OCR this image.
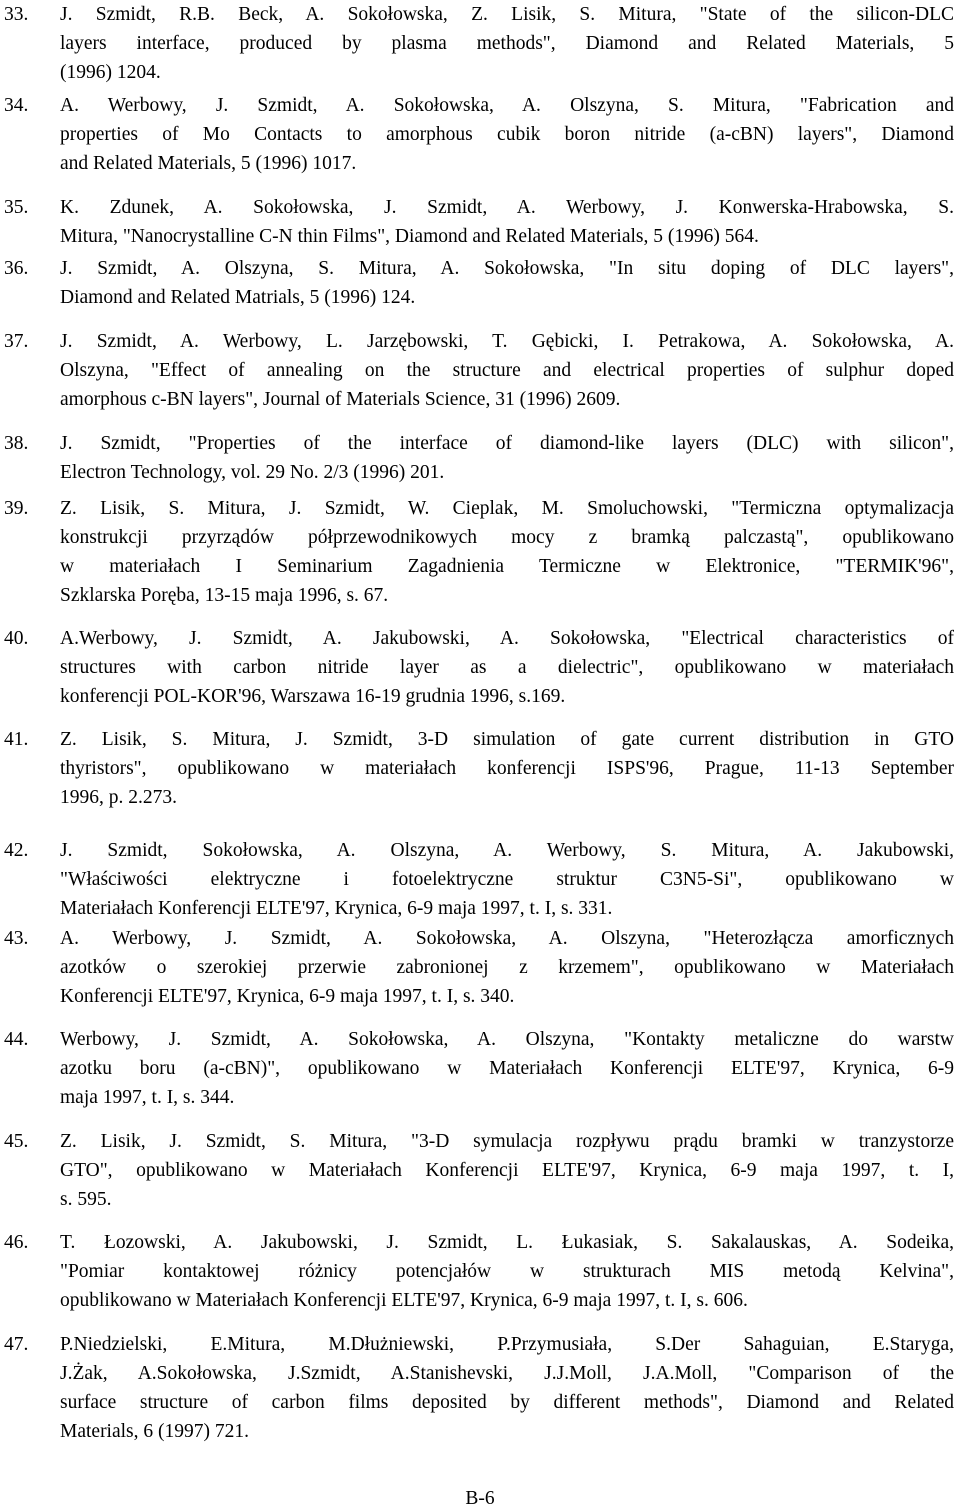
33. J. Szmidt, R.B. Beck, A. Sokołowska, Z. Lisik, S. Mitura, "State of the silicon-DLC
layers interface, produced by plasma methods", Diamond and Related Materials, 5
(1996) 1204.
34. A. Werbowy, J. Szmidt, A. Sokołowska, A. Olszyna, S. Mitura, "Fabrication and
properties of Mo Contacts to amorphous cubik boron nitride (a-cBN) layers", Diamond
and Related Materials, 5 (1996) 1017.
35. K. Zdunek, A. Sokołowska, J. Szmidt, A. Werbowy, J. Konwerska-Hrabowska, S.
Mitura, "Nanocrystalline C-N thin Films", Diamond and Related Materials, 5 (1996) 564.
36. J. Szmidt, A. Olszyna, S. Mitura, A. Sokołowska, "In situ doping of DLC layers",
Diamond and Related Matrials, 5 (1996) 124.
37. J. Szmidt, A. Werbowy, L. Jarzębowski, T. Gębicki, I. Petrakowa, A. Sokołowska, A.
Olszyna, "Effect of annealing on the structure and electrical properties of sulphur doped
amorphous c-BN layers", Journal of Materials Science, 31 (1996) 2609.
38. J. Szmidt, "Properties of the interface of diamond-like layers (DLC) with silicon",
Electron Technology, vol. 29 No. 2/3 (1996) 201.
39. Z. Lisik, S. Mitura, J. Szmidt, W. Cieplak, M. Smoluchowski, "Termiczna optymalizacja
konstrukcji przyrządów półprzewodnikowych mocy z bramką palczastą", opublikowano
w materiałach I Seminarium Zagadnienia Termiczne w Elektronice, "TERMIK'96",
Szklarska Poręba, 13-15 maja 1996, s. 67.
40. A.Werbowy, J. Szmidt, A. Jakubowski, A. Sokołowska, "Electrical characteristics of
structures with carbon nitride layer as a dielectric", opublikowano w materiałach
konferencji POL-KOR'96, Warszawa 16-19 grudnia 1996, s.169.
41. Z. Lisik, S. Mitura, J. Szmidt, 3-D simulation of gate current distribution in GTO
thyristors", opublikowano w materiałach konferencji ISPS'96, Prague, 11-13 September
1996, p. 2.273.
42. J. Szmidt, Sokołowska, A. Olszyna, A. Werbowy, S. Mitura, A. Jakubowski,
"Właściwości elektryczne i fotoelektryczne struktur C3N5-Si", opublikowano w
Materiałach Konferencji ELTE'97, Krynica, 6-9 maja 1997, t. I, s. 331.
43. A. Werbowy, J. Szmidt, A. Sokołowska, A. Olszyna, "Heterozłącza amorficznych
azotków o szerokiej przerwie zabronionej z krzemem", opublikowano w Materiałach
Konferencji ELTE'97, Krynica, 6-9 maja 1997, t. I, s. 340.
44. Werbowy, J. Szmidt, A. Sokołowska, A. Olszyna, "Kontakty metaliczne do warstw
azotku boru (a-cBN)", opublikowano w Materiałach Konferencji ELTE'97, Krynica, 6-9
maja 1997, t. I, s. 344.
45. Z. Lisik, J. Szmidt, S. Mitura, "3-D symulacja rozpływu prądu bramki w tranzystorze
GTO", opublikowano w Materiałach Konferencji ELTE'97, Krynica, 6-9 maja 1997, t. I,
s. 595.
46. T. Łozowski, A. Jakubowski, J. Szmidt, L. Łukasiak, S. Sakalauskas, A. Sodeika,
"Pomiar kontaktowej różnicy potencjałów w strukturach MIS metodą Kelvina",
opublikowano w Materiałach Konferencji ELTE'97, Krynica, 6-9 maja 1997, t. I, s. 606.
47. P.Niedzielski, E.Mitura, M.Dłużniewski, P.Przymusiała, S.Der Sahaguian, E.Staryga,
J.Żak, A.Sokołowska, J.Szmidt, A.Stanishevski, J.J.Moll, J.A.Moll, "Comparison of the
surface structure of carbon films deposited by different methods", Diamond and Related
Materials, 6 (1997) 721.
B-6
